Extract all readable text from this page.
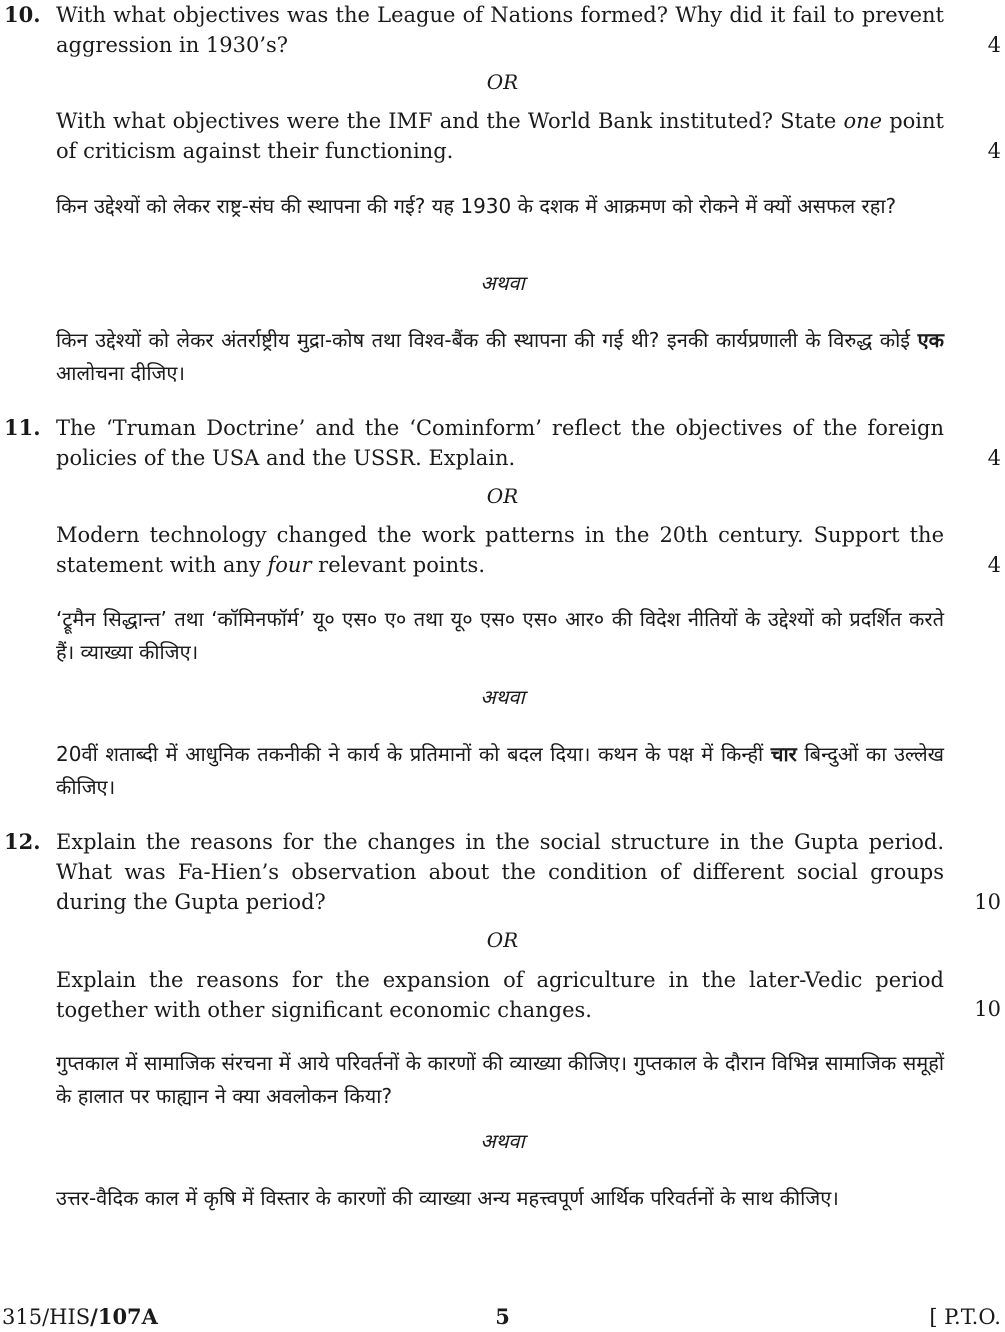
10. With what objectives was the League of Nations formed? Why did it fail to prevent aggression in 1930’s?	4
OR
With what objectives were the IMF and the World Bank instituted? State one point of criticism against their functioning.	4
किन उद्देश्यों को लेकर राष्ट्र-संघ की स्थापना की गई? यह 1930 के दशक में आक्रमण को रोकने में क्यों असफल रहा?
अथवा
किन उद्देश्यों को लेकर अंतर्राष्ट्रीय मुद्रा-कोष तथा विश्व-बैंक की स्थापना की गई थी? इनकी कार्यप्रणाली के विरुद्ध कोई एक आलोचना दीजिए।
11. The ‘Truman Doctrine’ and the ‘Cominform’ reflect the objectives of the foreign policies of the USA and the USSR. Explain.	4
OR
Modern technology changed the work patterns in the 20th century. Support the statement with any four relevant points.	4
‘ट्रूमैन सिद्धान्त’ तथा ‘कॉमिनफॉर्म’ यू० एस० ए० तथा यू० एस० एस० आर० की विदेश नीतियों के उद्देश्यों को प्रदर्शित करते हैं। व्याख्या कीजिए।
अथवा
20वीं शताब्दी में आधुनिक तकनीकी ने कार्य के प्रतिमानों को बदल दिया। कथन के पक्ष में किन्हीं चार बिन्दुओं का उल्लेख कीजिए।
12. Explain the reasons for the changes in the social structure in the Gupta period. What was Fa-Hien’s observation about the condition of different social groups during the Gupta period?	10
OR
Explain the reasons for the expansion of agriculture in the later-Vedic period together with other significant economic changes.	10
गुप्तकाल में सामाजिक संरचना में आये परिवर्तनों के कारणों की व्याख्या कीजिए। गुप्तकाल के दौरान विभिन्न सामाजिक समूहों के हालात पर फाह्यान ने क्या अवलोकन किया?
अथवा
उत्तर-वैदिक काल में कृषि में विस्तार के कारणों की व्याख्या अन्य महत्त्वपूर्ण आर्थिक परिवर्तनों के साथ कीजिए।
315/HIS/107A	5	[ P.T.O.
